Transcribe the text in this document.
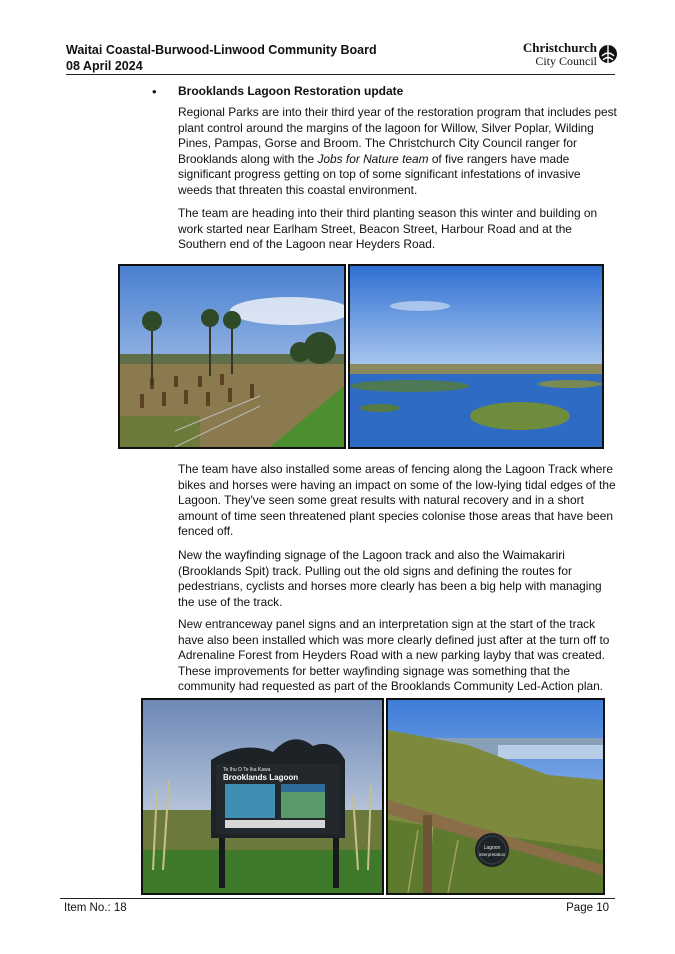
Waitai Coastal-Burwood-Linwood Community Board
08 April 2024
Christchurch
City Council
• Brooklands Lagoon Restoration update

Regional Parks are into their third year of the restoration program that includes pest plant control around the margins of the lagoon for Willow, Silver Poplar, Wilding Pines, Pampas, Gorse and Broom. The Christchurch City Council ranger for Brooklands along with the Jobs for Nature team of five rangers have made significant progress getting on top of some significant infestations of invasive weeds that threaten this coastal environment.

The team are heading into their third planting season this winter and building on work started near Earlham Street, Beacon Street, Harbour Road and at the Southern end of the Lagoon near Heyders Road.

The team have also installed some areas of fencing along the Lagoon Track where bikes and horses were having an impact on some of the low-lying tidal edges of the Lagoon. They've seen some great results with natural recovery and in a short amount of time seen threatened plant species colonise those areas that have been fenced off.

New the wayfinding signage of the Lagoon track and also the Waimakariri (Brooklands Spit) track. Pulling out the old signs and defining the routes for pedestrians, cyclists and horses more clearly has been a big help with managing the use of the track.

New entranceway panel signs and an interpretation sign at the start of the track have also been installed which was more clearly defined just after at the turn off to Adrenaline Forest from Heyders Road with a new parking layby that was created. These improvements for better wayfinding signage was something that the community had requested as part of the Brooklands Community Led-Action plan.

Te Ihu O Te Ika Kawa
Brooklands Lagoon
Lagoon
interpretation
Item No.: 18	Page 10
